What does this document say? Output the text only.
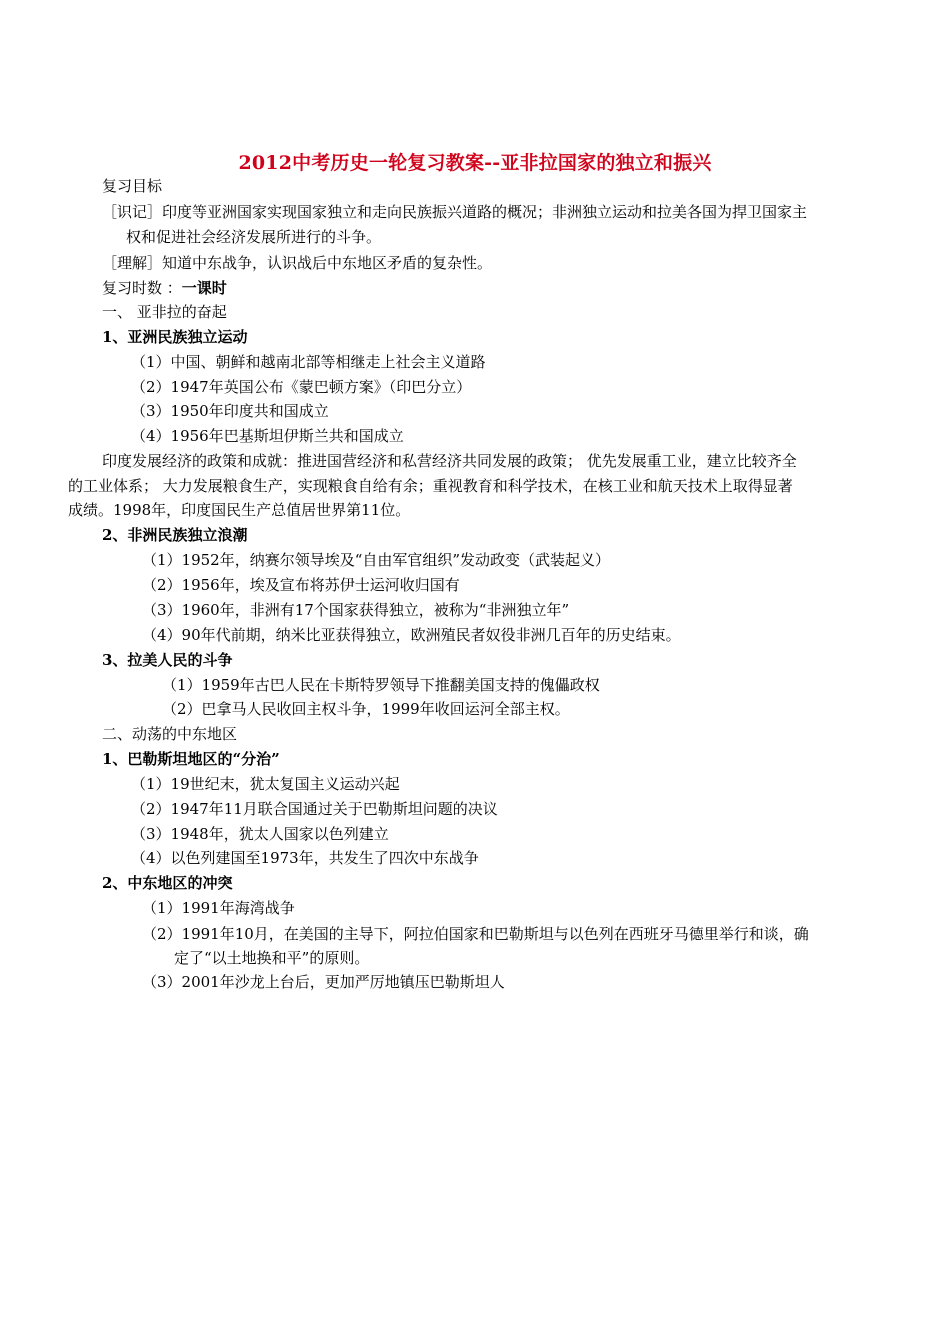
2012中考历史一轮复习教案--亚非拉国家的独立和振兴
复习目标
［识记］印度等亚洲国家实现国家独立和走向民族振兴道路的概况；非洲独立运动和拉美各国为捍卫国家主
权和促进社会经济发展所进行的斗争。
［理解］知道中东战争，认识战后中东地区矛盾的复杂性。
复习时数 ：一课时
一、 亚非拉的奋起
1、亚洲民族独立运动
（1）中国、朝鲜和越南北部等相继走上社会主义道路
（2）1947年英国公布《蒙巴顿方案》（印巴分立）
（3）1950年印度共和国成立
（4）1956年巴基斯坦伊斯兰共和国成立
印度发展经济的政策和成就：推进国营经济和私营经济共同发展的政策； 优先发展重工业，建立比较齐全
的工业体系； 大力发展粮食生产，实现粮食自给有余；重视教育和科学技术，在核工业和航天技术上取得显著
成绩。1998年，印度国民生产总值居世界第11位。
2、非洲民族独立浪潮
（1）1952年，纳赛尔领导埃及“自由军官组织”发动政变（武装起义）
（2）1956年，埃及宣布将苏伊士运河收归国有
（3）1960年，非洲有17个国家获得独立，被称为“非洲独立年”
（4）90年代前期，纳米比亚获得独立，欧洲殖民者奴役非洲几百年的历史结束。
3、拉美人民的斗争
（1）1959年古巴人民在卡斯特罗领导下推翻美国支持的傀儡政权
（2）巴拿马人民收回主权斗争，1999年收回运河全部主权。
二、动荡的中东地区
1、巴勒斯坦地区的“分治”
（1）19世纪末，犹太复国主义运动兴起
（2）1947年11月联合国通过关于巴勒斯坦问题的决议
（3）1948年，犹太人国家以色列建立
（4）以色列建国至1973年，共发生了四次中东战争
2、中东地区的冲突
（1）1991年海湾战争
（2）1991年10月，在美国的主导下，阿拉伯国家和巴勒斯坦与以色列在西班牙马德里举行和谈，确
定了“以土地换和平”的原则。
（3）2001年沙龙上台后，更加严厉地镇压巴勒斯坦人
